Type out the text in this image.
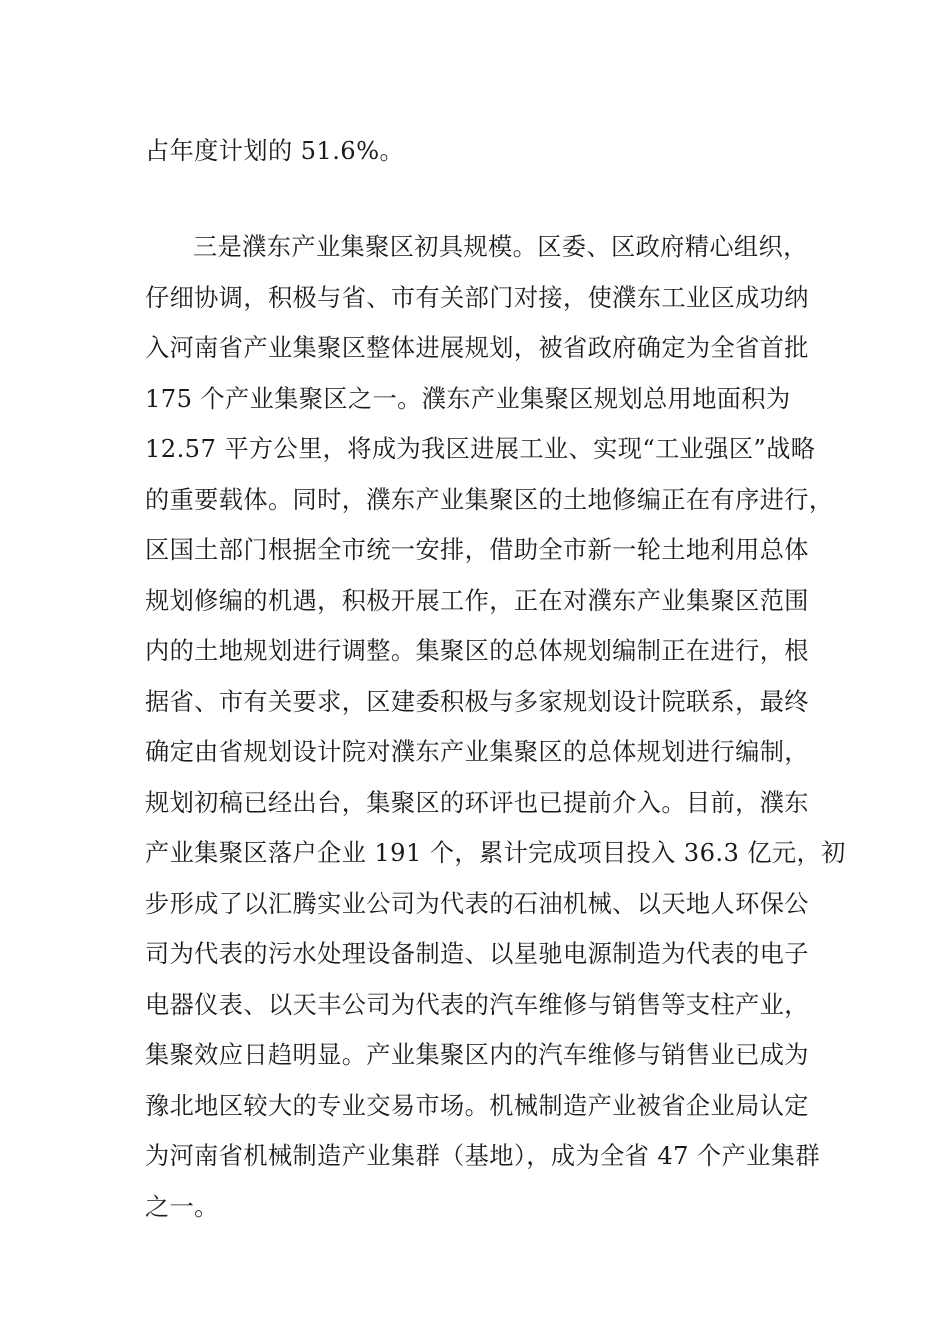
占年度计划的 51.6%。
三是濮东产业集聚区初具规模。区委、区政府精心组织，
仔细协调，积极与省、市有关部门对接，使濮东工业区成功纳
入河南省产业集聚区整体进展规划，被省政府确定为全省首批
175 个产业集聚区之一。濮东产业集聚区规划总用地面积为
12.57 平方公里，将成为我区进展工业、实现“工业强区”战略
的重要载体。同时，濮东产业集聚区的土地修编正在有序进行，
区国土部门根据全市统一安排，借助全市新一轮土地利用总体
规划修编的机遇，积极开展工作，正在对濮东产业集聚区范围
内的土地规划进行调整。集聚区的总体规划编制正在进行，根
据省、市有关要求，区建委积极与多家规划设计院联系，最终
确定由省规划设计院对濮东产业集聚区的总体规划进行编制，
规划初稿已经出台，集聚区的环评也已提前介入。目前，濮东
产业集聚区落户企业 191 个，累计完成项目投入 36.3 亿元，初
步形成了以汇腾实业公司为代表的石油机械、以天地人环保公
司为代表的污水处理设备制造、以星驰电源制造为代表的电子
电器仪表、以天丰公司为代表的汽车维修与销售等支柱产业，
集聚效应日趋明显。产业集聚区内的汽车维修与销售业已成为
豫北地区较大的专业交易市场。机械制造产业被省企业局认定
为河南省机械制造产业集群（基地），成为全省 47 个产业集群
之一。
